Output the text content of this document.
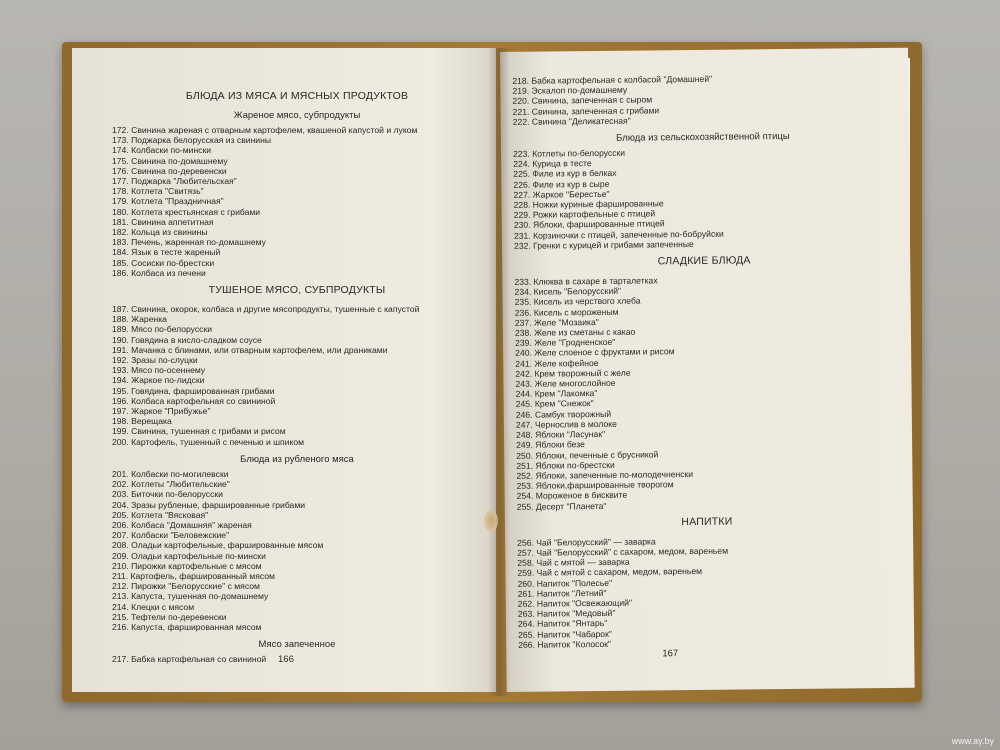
БЛЮДА ИЗ МЯСА И МЯСНЫХ ПРОДУКТОВ
Жареное мясо, субпродукты
172. Свинина жареная с отварным картофелем, квашеной капустой и луком
173. Поджарка белорусская из свинины
174. Колбаски по-мински
175. Свинина по-домашнему
176. Свинина по-деревенски
177. Поджарка "Любительская"
178. Котлета "Свитязь"
179. Котлета "Праздничная"
180. Котлета крестьянская с грибами
181. Свинина аппетитная
182. Кольца из свинины
183. Печень, жаренная по-домашнему
184. Язык в тесте жареный
185. Сосиски по-брестски
186. Колбаса из печени
ТУШЕНОЕ МЯСО, СУБПРОДУКТЫ
187. Свинина, окорок, колбаса и другие мясопродукты, тушенные с капустой
188. Жаренка
189. Мясо по-белорусски
190. Говядина в кисло-сладком соусе
191. Мачанка с блинами, или отварным картофелем, или драниками
192. Зразы по-слуцки
193. Мясо по-осеннему
194. Жаркое по-лидски
195. Говядина, фаршированная грибами
196. Колбаса картофельная со свининой
197. Жаркое "Прибужье"
198. Верещака
199. Свинина, тушенная с грибами и рисом
200. Картофель, тушенный с печенью и шпиком
Блюда из рубленого мяса
201. Колбаски по-могилевски
202. Котлеты "Любительские"
203. Биточки по-белорусски
204. Зразы рубленые, фаршированные грибами
205. Котлета "Вясковая"
206. Колбаса "Домашняя" жареная
207. Колбаски "Беловежские"
208. Оладьи картофельные, фаршированные мясом
209. Оладьи картофельные по-мински
210. Пирожки картофельные с мясом
211. Картофель, фаршированный мясом
212. Пирожки "Белорусские" с мясом
213. Капуста, тушенная по-домашнему
214. Клецки с мясом
215. Тефтели по-деревенски
216. Капуста, фаршированная мясом
Мясо запеченное
217. Бабка картофельная со свининой	166
218. Бабка картофельная с колбасой "Домашней"
219. Эскалоп по-домашнему
220. Свинина, запеченная с сыром
221. Свинина, запеченная с грибами
222. Свинина "Деликатесная"
Блюда из сельскохозяйственной птицы
223. Котлеты по-белорусски
224. Курица в тесте
225. Филе из кур в белках
226. Филе из кур в сыре
227. Жаркое "Берестье"
228. Ножки куриные фаршированные
229. Рожки картофельные с птицей
230. Яблоки, фаршированные птицей
231. Корзиночки с птицей, запеченные по-бобруйски
232. Гренки с курицей и грибами запеченные
СЛАДКИЕ БЛЮДА
233. Клюква в сахаре в тарталетках
234. Кисель "Белорусский"
235. Кисель из черствого хлеба
236. Кисель с мороженым
237. Желе "Мозаика"
238. Желе из сметаны с какао
239. Желе "Гродненское"
240. Желе слоеное с фруктами и рисом
241. Желе кофейное
242. Крем творожный с желе
243. Желе многослойное
244. Крем "Лакомка"
245. Крем "Снежок"
246. Самбук творожный
247. Чернослив в молоке
248. Яблоки "Ласунак"
249. Яблоки безе
250. Яблоки, печенные с брусникой
251. Яблоки по-брестски
252. Яблоки, запеченные по-молодечненски
253. Яблоки,фаршированные творогом
254. Мороженое в бисквите
255. Десерт "Планета"
НАПИТКИ
256. Чай "Белорусский" — заварка
257. Чай "Белорусский" с сахаром, медом, вареньем
258. Чай с мятой — заварка
259. Чай с мятой с сахаром, медом, вареньем
260. Напиток "Полесье"
261. Напиток "Летний"
262. Напиток "Освежающий"
263. Напиток "Медовый"
264. Напиток "Янтарь"
265. Напиток "Чабарок"
266. Напиток "Колосок"
167
www.ay.by
